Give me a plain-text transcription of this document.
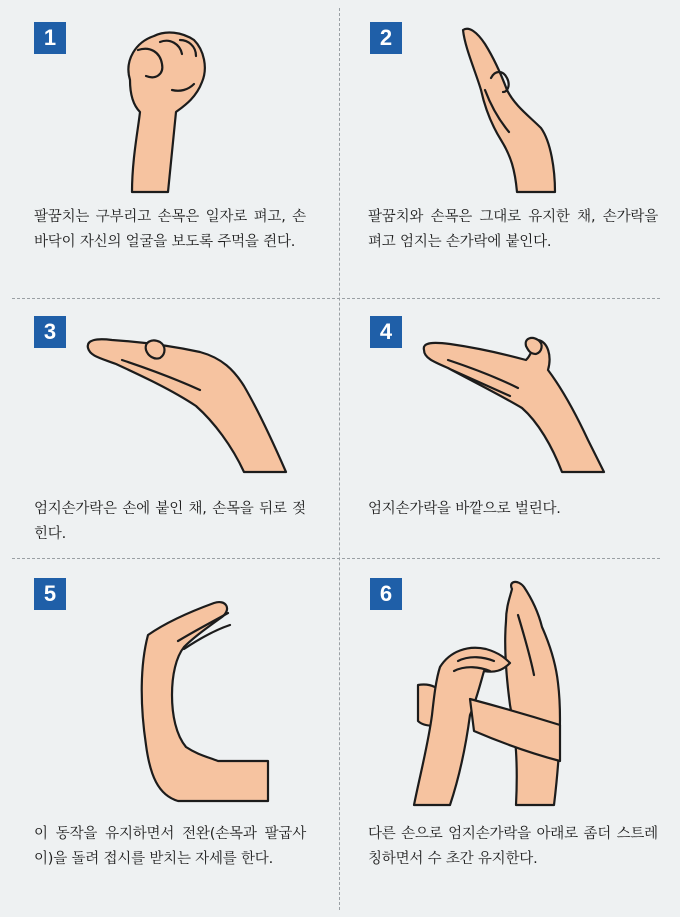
1
팔꿈치는 구부리고 손목은 일자로 펴고, 손바닥이 자신의 얼굴을 보도록 주먹을 쥔다.
2
팔꿈치와 손목은 그대로 유지한 채, 손가락을 펴고 엄지는 손가락에 붙인다.
3
엄지손가락은 손에 붙인 채, 손목을 뒤로 젖힌다.
4
엄지손가락을 바깥으로 벌린다.
5
이 동작을 유지하면서 전완(손목과 팔굽사이)을 돌려 접시를 받치는 자세를 한다.
6
다른 손으로 엄지손가락을 아래로 좀더 스트레칭하면서 수 초간 유지한다.
